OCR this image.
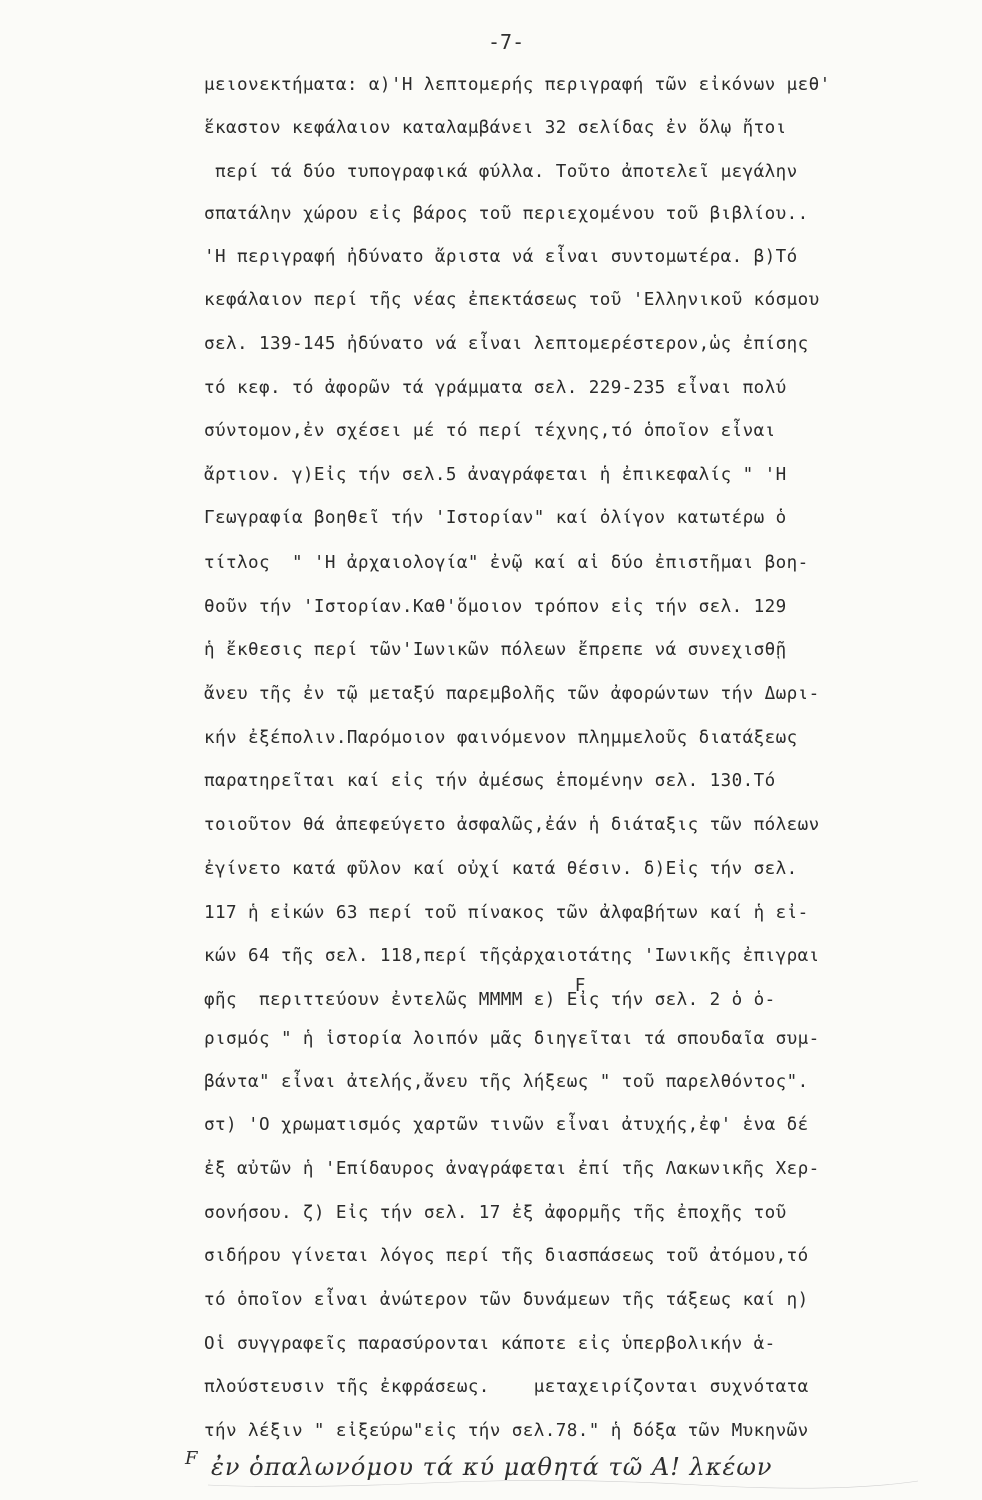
-7-
μειονεκτήματα: α)'Η λεπτομερής περιγραφή τῶν εἰκόνων μεθ'
ἕκαστον κεφάλαιον καταλαμβάνει 32 σελίδας ἐν ὅλῳ ἤτοι
περί τά δύο τυπογραφικά φύλλα. Τοῦτο ἀποτελεῖ μεγάλην
σπατάλην χώρου εἰς βάρος τοῦ περιεχομένου τοῦ βιβλίου..
'Η περιγραφή ἠδύνατο ἄριστα νά εἶναι συντομωτέρα. β)Τό
κεφάλαιον περί τῆς νέας ἐπεκτάσεως τοῦ 'Ελληνικοῦ κόσμου
σελ. 139-145 ἠδύνατο νά εἶναι λεπτομερέστερον,ὡς ἐπίσης
τό κεφ. τό ἀφορῶν τά γράμματα σελ. 229-235 εἶναι πολύ
σύντομον,ἐν σχέσει μέ τό περί τέχνης,τό ὁποῖον εἶναι
ἄρτιον. γ)Εἰς τήν σελ.5 ἀναγράφεται ἡ ἐπικεφαλίς " 'Η
Γεωγραφία βοηθεῖ τήν 'Ιστορίαν" καί ὀλίγον κατωτέρω ὁ
τίτλος  " 'Η ἀρχαιολογία" ἐνῷ καί αἱ δύο ἐπιστῆμαι βοη-
θοῦν τήν 'Ιστορίαν.Καθ'ὅμοιον τρόπον εἰς τήν σελ. 129
ἡ ἔκθεσις περί τῶν'Ιωνικῶν πόλεων ἔπρεπε νά συνεχισθῇ
ἄνευ τῆς ἐν τῷ μεταξύ παρεμβολῆς τῶν ἀφορώντων τήν Δωρι-
κήν ἐξέπολιν.Παρόμοιον φαινόμενον πλημμελοῦς διατάξεως
παρατηρεῖται καί εἰς τήν ἀμέσως ἑπομένην σελ. 130.Τό
τοιοῦτον θά ἀπεφεύγετο ἀσφαλῶς,ἐάν ἡ διάταξις τῶν πόλεων
ἐγίνετο κατά φῦλον καί οὐχί κατά θέσιν. δ)Εἰς τήν σελ.
117 ἡ εἰκών 63 περί τοῦ πίνακος τῶν ἀλφαβήτων καί ἡ εἰ-
κών 64 τῆς σελ. 118,περί τῆςἀρχαιοτάτης 'Ιωνικῆς ἐπιγραι
φῆς  περιττεύουν ἐντελῶς ΜΜΜΜ ε) Εἰς τήν σελ. 2 ὁ ὁ-
ρισμός " ἡ ἱστορία λοιπόν μᾶς διηγεῖται τά σπουδαῖα συμ-
βάντα" εἶναι ἀτελής,ἄνευ τῆς λήξεως " τοῦ παρελθόντος".
στ) 'Ο χρωματισμός χαρτῶν τινῶν εἶναι ἀτυχής,ἐφ' ἑνα δέ
ἐξ αὐτῶν ἡ 'Επίδαυρος ἀναγράφεται ἐπί τῆς Λακωνικῆς Χερ-
σονήσου. ζ) Εἰς τήν σελ. 17 ἐξ ἀφορμῆς τῆς ἐποχῆς τοῦ
σιδήρου γίνεται λόγος περί τῆς διασπάσεως τοῦ ἀτόμου,τό
τό ὁποῖον εἶναι ἀνώτερον τῶν δυνάμεων τῆς τάξεως καί η)
Οἱ συγγραφεῖς παρασύρονται κάποτε εἰς ὑπερβολικήν ἁ-
πλούστευσιν τῆς ἐκφράσεως.    μεταχειρίζονται συχνότατα
τήν λέξιν " εἰξεύρω"εἰς τήν σελ.78." ἡ δόξα τῶν Μυκηνῶν
F
F ἐν ὁπαλωνόμου τά κύ μαθητά τῶ Α! λκέων
